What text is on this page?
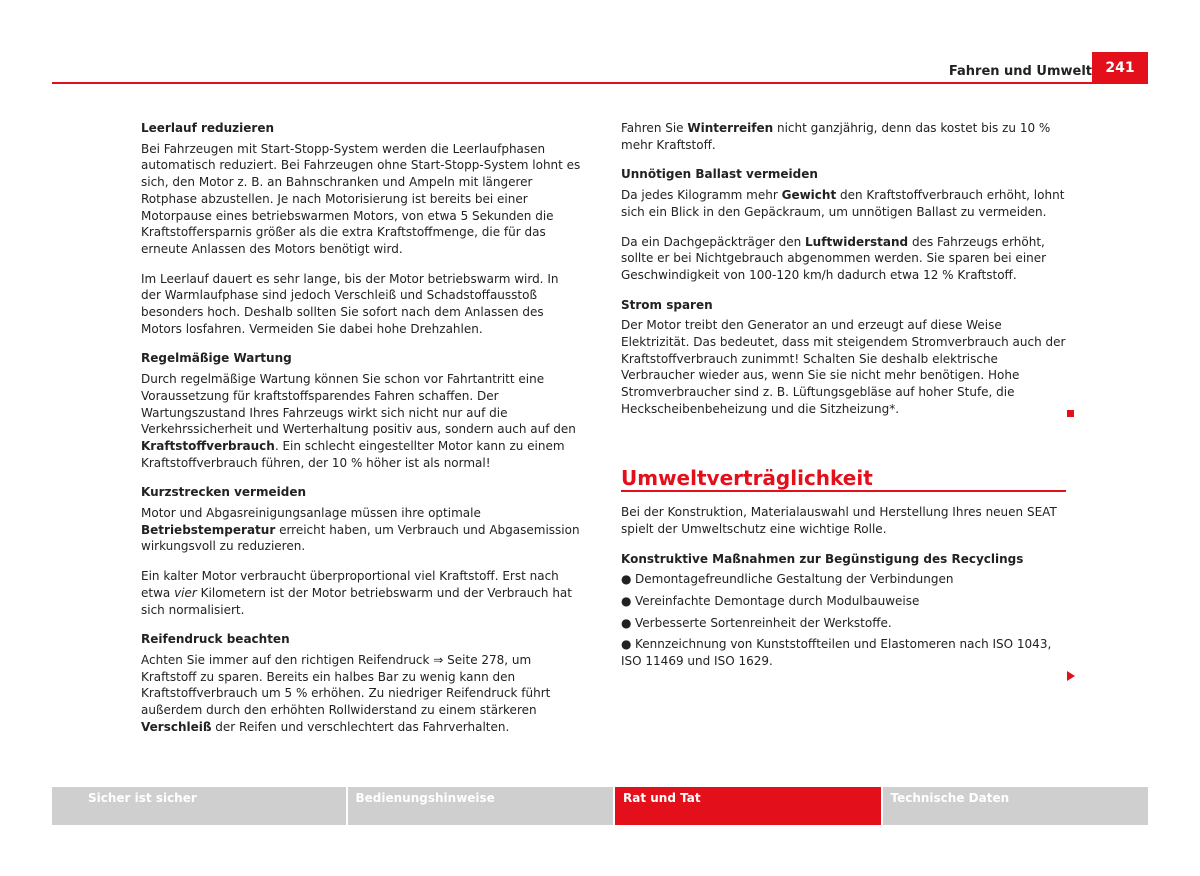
Fahren und Umwelt 241

Leerlauf reduzieren

Bei Fahrzeugen mit Start-Stopp-System werden die Leerlaufphasen automatisch reduziert. Bei Fahrzeugen ohne Start-Stopp-System lohnt es sich, den Motor z. B. an Bahnschranken und Ampeln mit längerer Rotphase abzustellen. Je nach Motorisierung ist bereits bei einer Motorpause eines betriebswarmen Motors, von etwa 5 Sekunden die Kraftstoffersparnis größer als die extra Kraftstoffmenge, die für das erneute Anlassen des Motors benötigt wird.

Im Leerlauf dauert es sehr lange, bis der Motor betriebswarm wird. In der Warmlaufphase sind jedoch Verschleiß und Schadstoffausstoß besonders hoch. Deshalb sollten Sie sofort nach dem Anlassen des Motors losfahren. Vermeiden Sie dabei hohe Drehzahlen.

Regelmäßige Wartung

Durch regelmäßige Wartung können Sie schon vor Fahrtantritt eine Voraussetzung für kraftstoffsparendes Fahren schaffen. Der Wartungszustand Ihres Fahrzeugs wirkt sich nicht nur auf die Verkehrssicherheit und Werterhaltung positiv aus, sondern auch auf den Kraftstoffverbrauch. Ein schlecht eingestellter Motor kann zu einem Kraftstoffverbrauch führen, der 10 % höher ist als normal!

Kurzstrecken vermeiden

Motor und Abgasreinigungsanlage müssen ihre optimale Betriebstemperatur erreicht haben, um Verbrauch und Abgasemission wirkungsvoll zu reduzieren.

Ein kalter Motor verbraucht überproportional viel Kraftstoff. Erst nach etwa vier Kilometern ist der Motor betriebswarm und der Verbrauch hat sich normalisiert.

Reifendruck beachten

Achten Sie immer auf den richtigen Reifendruck ⇒ Seite 278, um Kraftstoff zu sparen. Bereits ein halbes Bar zu wenig kann den Kraftstoffverbrauch um 5 % erhöhen. Zu niedriger Reifendruck führt außerdem durch den erhöhten Rollwiderstand zu einem stärkeren Verschleiß der Reifen und verschlechtert das Fahrverhalten.

Fahren Sie Winterreifen nicht ganzjährig, denn das kostet bis zu 10 % mehr Kraftstoff.

Unnötigen Ballast vermeiden

Da jedes Kilogramm mehr Gewicht den Kraftstoffverbrauch erhöht, lohnt sich ein Blick in den Gepäckraum, um unnötigen Ballast zu vermeiden.

Da ein Dachgepäckträger den Luftwiderstand des Fahrzeugs erhöht, sollte er bei Nichtgebrauch abgenommen werden. Sie sparen bei einer Geschwindigkeit von 100-120 km/h dadurch etwa 12 % Kraftstoff.

Strom sparen

Der Motor treibt den Generator an und erzeugt auf diese Weise Elektrizität. Das bedeutet, dass mit steigendem Stromverbrauch auch der Kraftstoffverbrauch zunimmt! Schalten Sie deshalb elektrische Verbraucher wieder aus, wenn Sie sie nicht mehr benötigen. Hohe Stromverbraucher sind z. B. Lüftungsgebläse auf hoher Stufe, die Heckscheibenbeheizung und die Sitzheizung*.

Umweltverträglichkeit

Bei der Konstruktion, Materialauswahl und Herstellung Ihres neuen SEAT spielt der Umweltschutz eine wichtige Rolle.

Konstruktive Maßnahmen zur Begünstigung des Recyclings

● Demontagefreundliche Gestaltung der Verbindungen
● Vereinfachte Demontage durch Modulbauweise
● Verbesserte Sortenreinheit der Werkstoffe.
● Kennzeichnung von Kunststoffteilen und Elastomeren nach ISO 1043, ISO 11469 und ISO 1629.
Sicher ist sicher	Bedienungshinweise	Rat und Tat	Technische Daten
